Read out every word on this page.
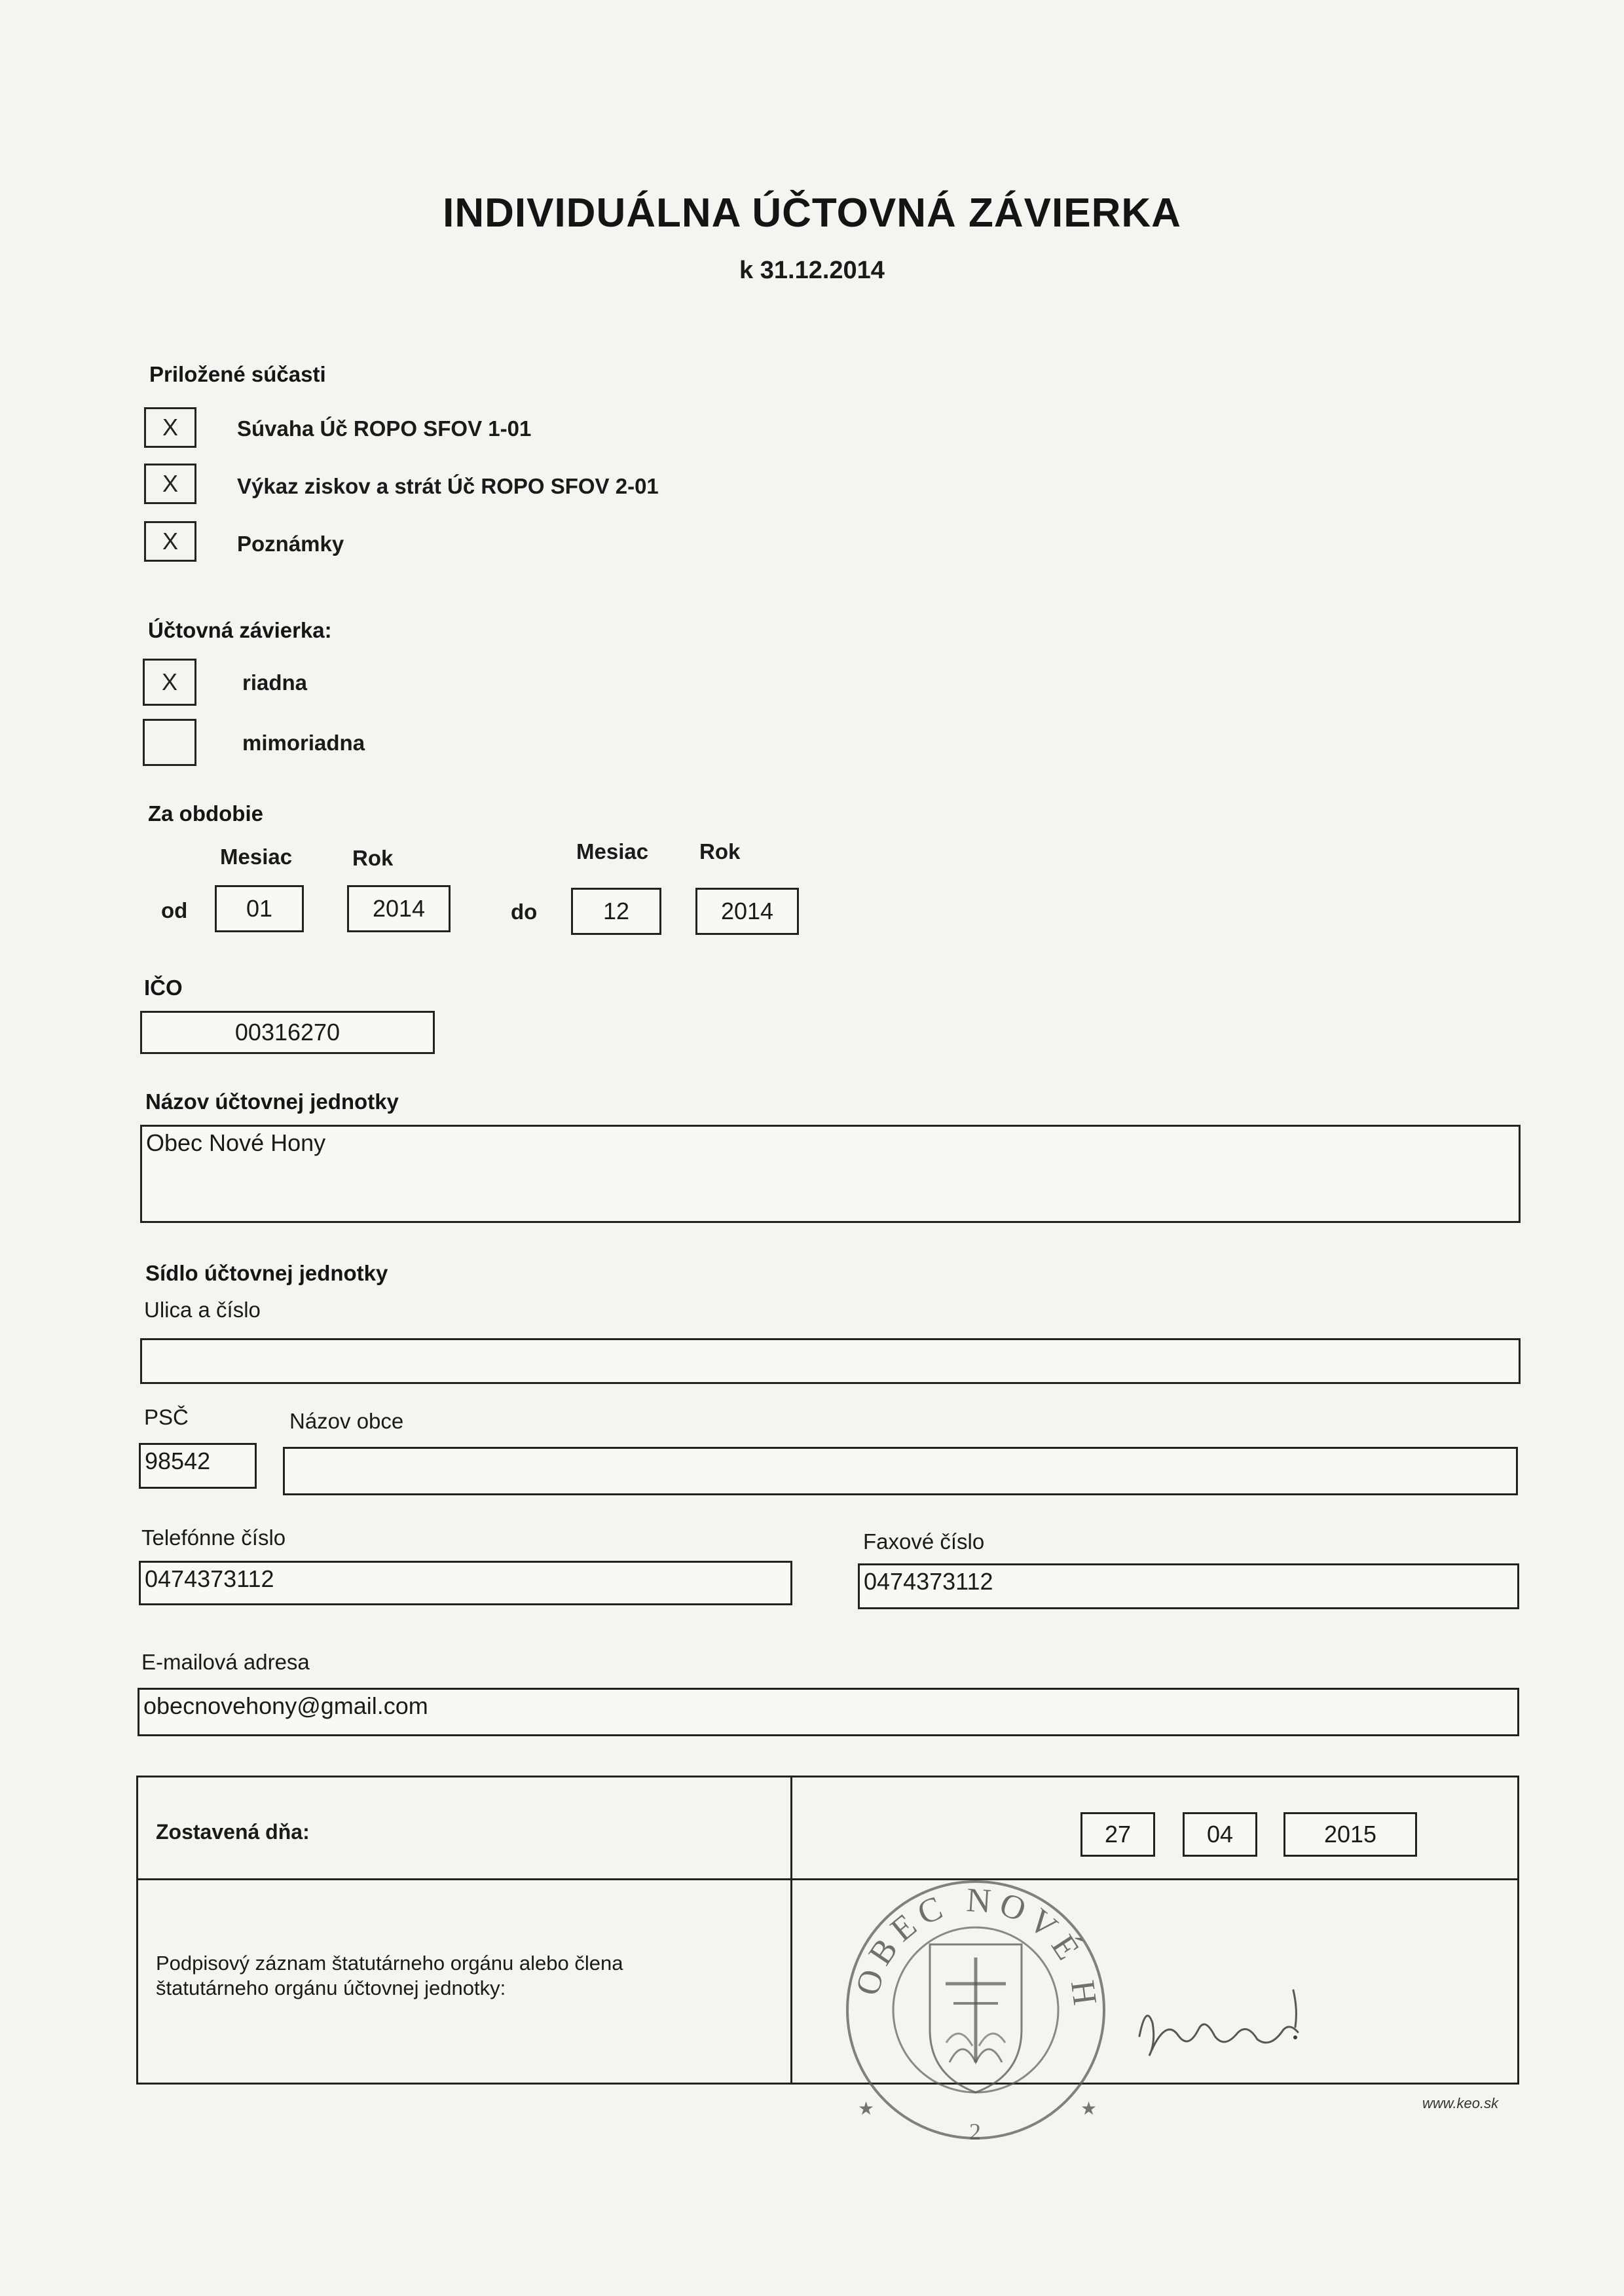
INDIVIDUÁLNA ÚČTOVNÁ ZÁVIERKA
k 31.12.2014
Priložené súčasti
X	Súvaha Úč ROPO SFOV 1-01
X	Výkaz ziskov a strát Úč ROPO SFOV 2-01
X	Poznámky
Účtovná závierka:
X	riadna
mimoriadna
Za obdobie
Mesiac	Rok	Mesiac Rok
od	01	2014	do	12	2014
IČO
00316270
Názov účtovnej jednotky
Obec Nové Hony
Sídlo účtovnej jednotky
Ulica a číslo
PSČ	Názov obce
98542
Telefónne číslo
0474373112
Faxové číslo
0474373112
E-mailová adresa
obecnovehony@gmail.com
Zostavená dňa:	27	04	2015
Podpisový záznam štatutárneho orgánu alebo člena štatutárneho orgánu účtovnej jednotky:	OBEC NOVÉ H
★	★
2
www.keo.sk
